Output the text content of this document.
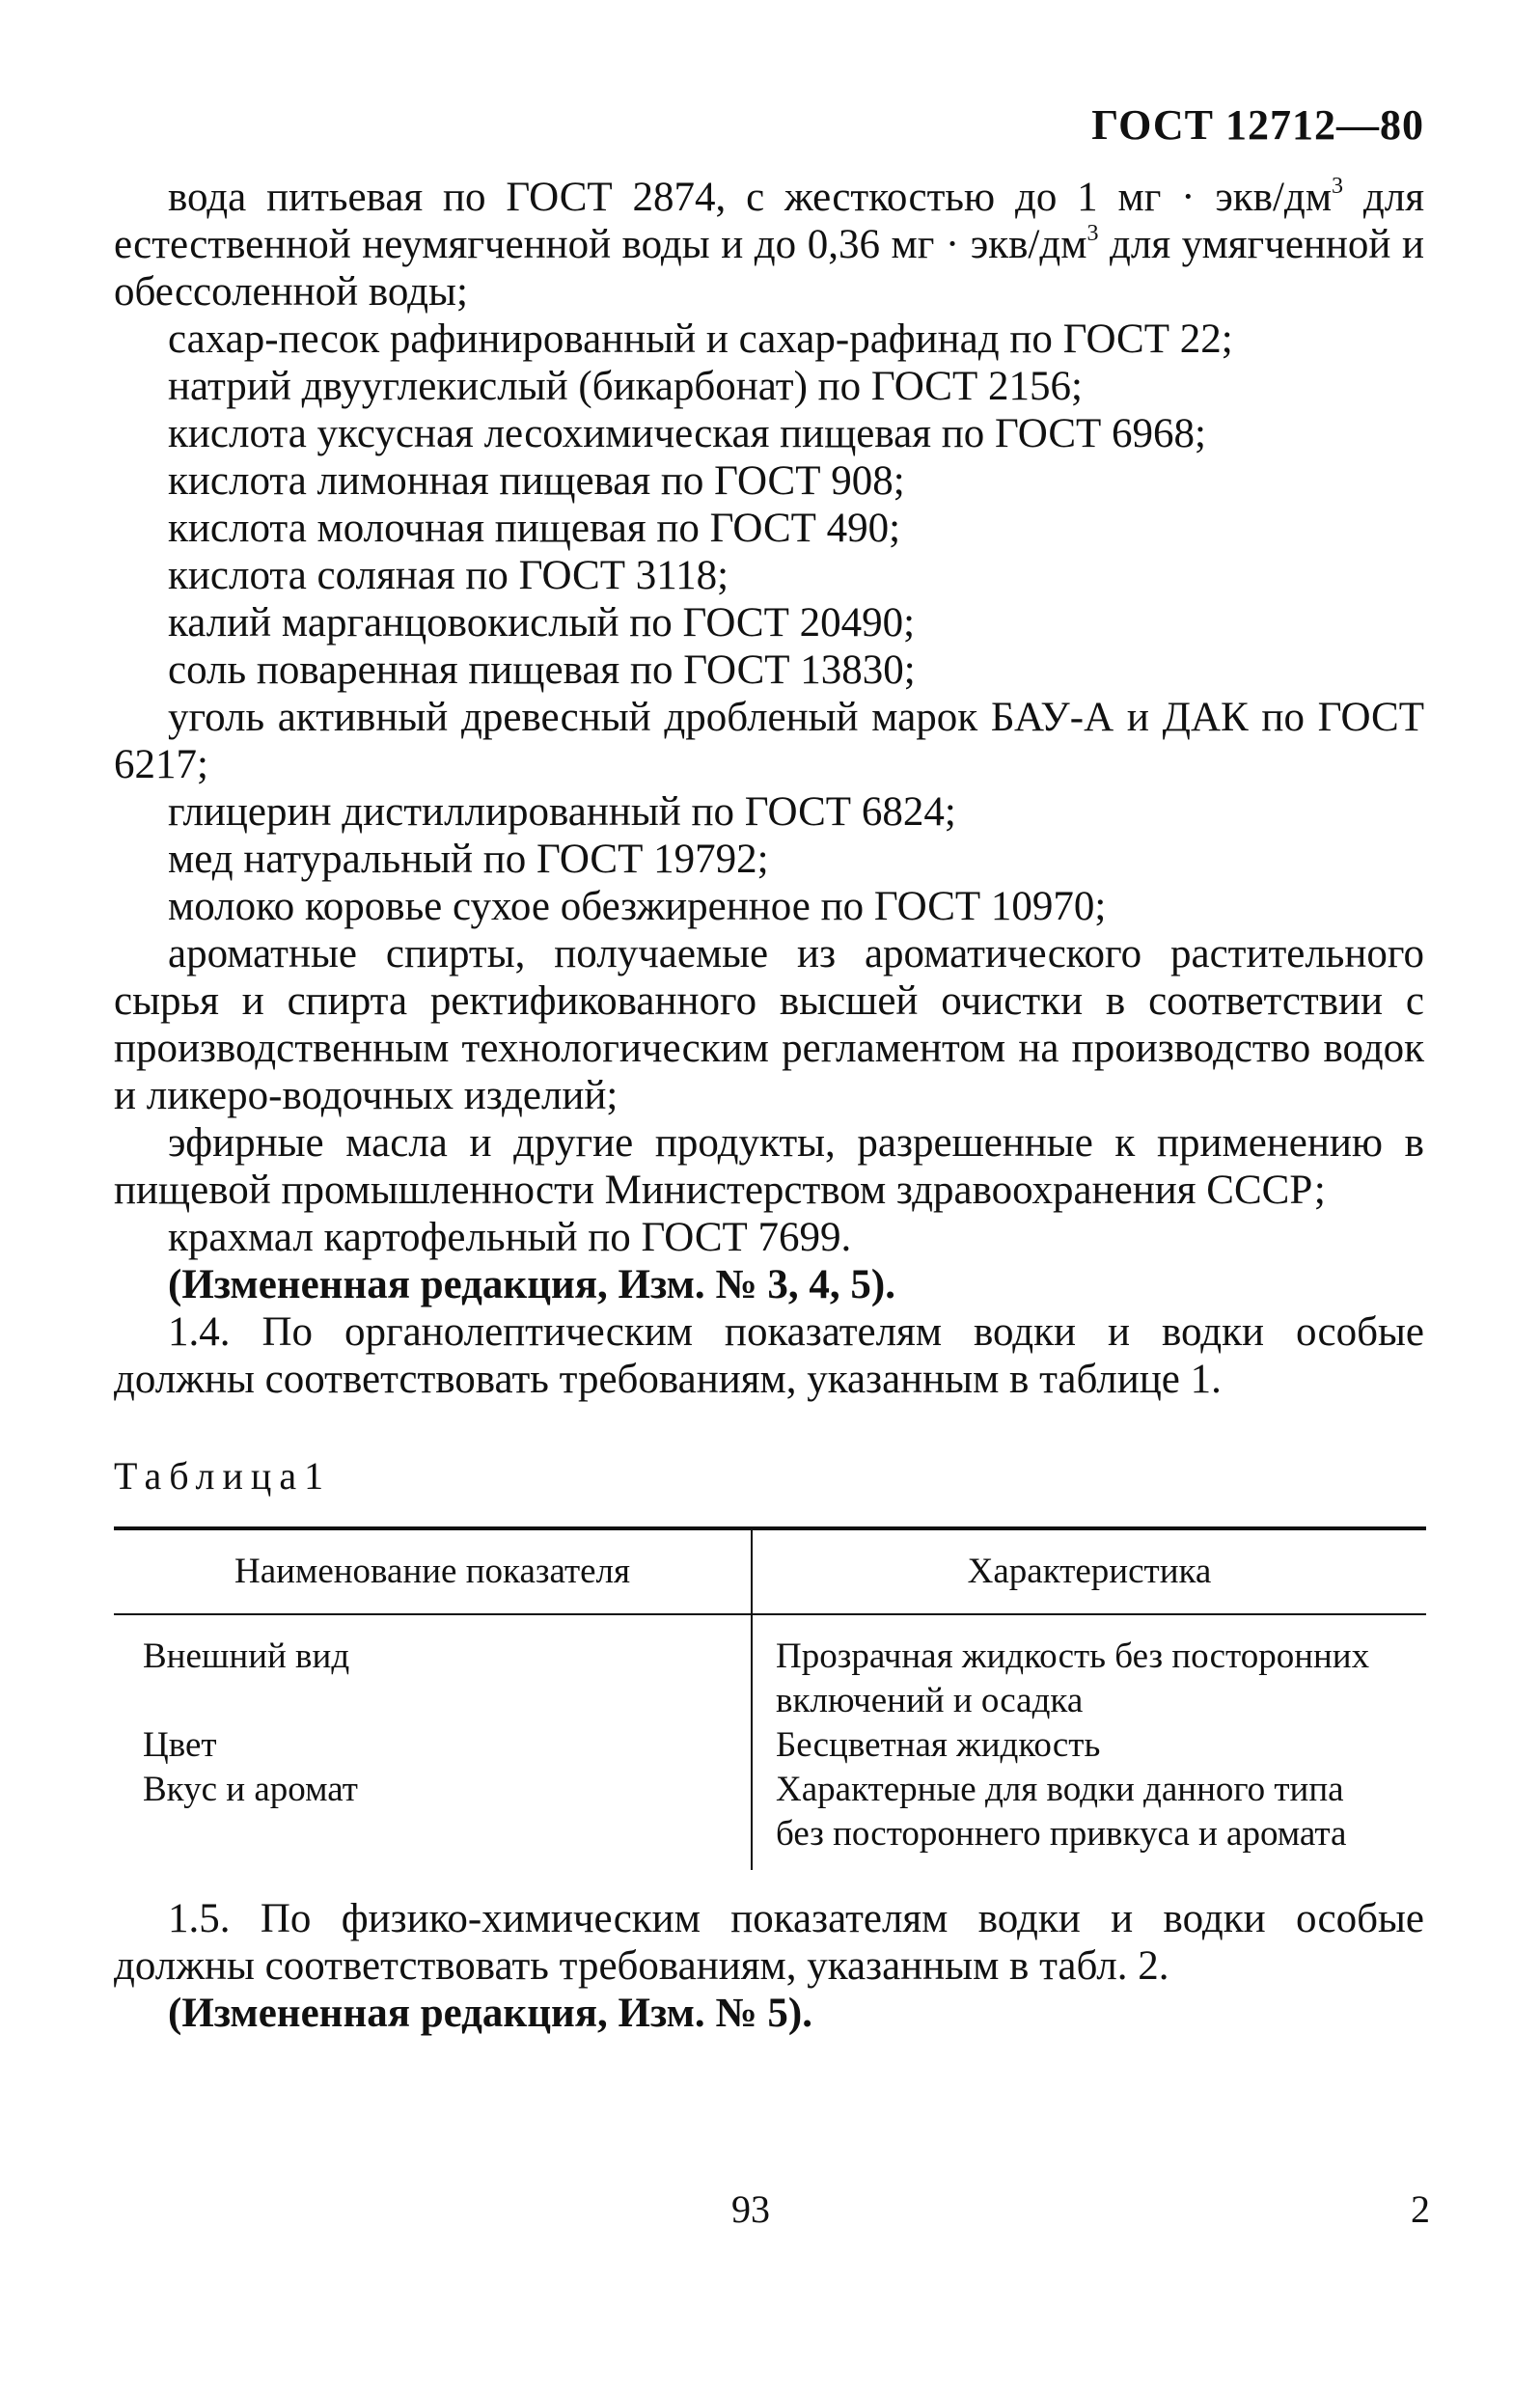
ГОСТ 12712—80

вода питьевая по ГОСТ 2874, с жесткостью до 1 мг · экв/$дм^3$ для естественной неумягченной воды и до 0,36 мг · экв/$дм^3$ для умягченной и обессоленной воды;

сахар-песок рафинированный и сахар-рафинад по ГОСТ 22;

натрий двууглекислый (бикарбонат) по ГОСТ 2156;

кислота уксусная лесохимическая пищевая по ГОСТ 6968;

кислота лимонная пищевая по ГОСТ 908;

кислота молочная пищевая по ГОСТ 490;

кислота соляная по ГОСТ 3118;

калий марганцовокислый по ГОСТ 20490;

соль поваренная пищевая по ГОСТ 13830;

уголь активный древесный дробленый марок БАУ-А и ДАК по ГОСТ 6217;

глицерин дистиллированный по ГОСТ 6824;

мед натуральный по ГОСТ 19792;

молоко коровье сухое обезжиренное по ГОСТ 10970;

ароматные спирты, получаемые из ароматического растительного сырья и спирта ректификованного высшей очистки в соответствии с производственным технологическим регламентом на производство водок и ликеро-водочных изделий;

эфирные масла и другие продукты, разрешенные к применению в пищевой промышленности Министерством здравоохранения СССР;

крахмал картофельный по ГОСТ 7699.

(Измененная редакция, Изм. № 3, 4, 5).

1.4. По органолептическим показателям водки и водки особые должны соответствовать требованиям, указанным в таблице 1.

Таблица1
Наименование показателя	Характеристика
Внешний вид	Прозрачная жидкость без посторонних
включений и осадка
Цвет	Бесцветная жидкость
Вкус и аромат	Характерные для водки данного типа
без постороннего привкуса и аромата

1.5. По физико-химическим показателям водки и водки особые должны соответствовать требованиям, указанным в табл. 2.

(Измененная редакция, Изм. № 5).

93	2
